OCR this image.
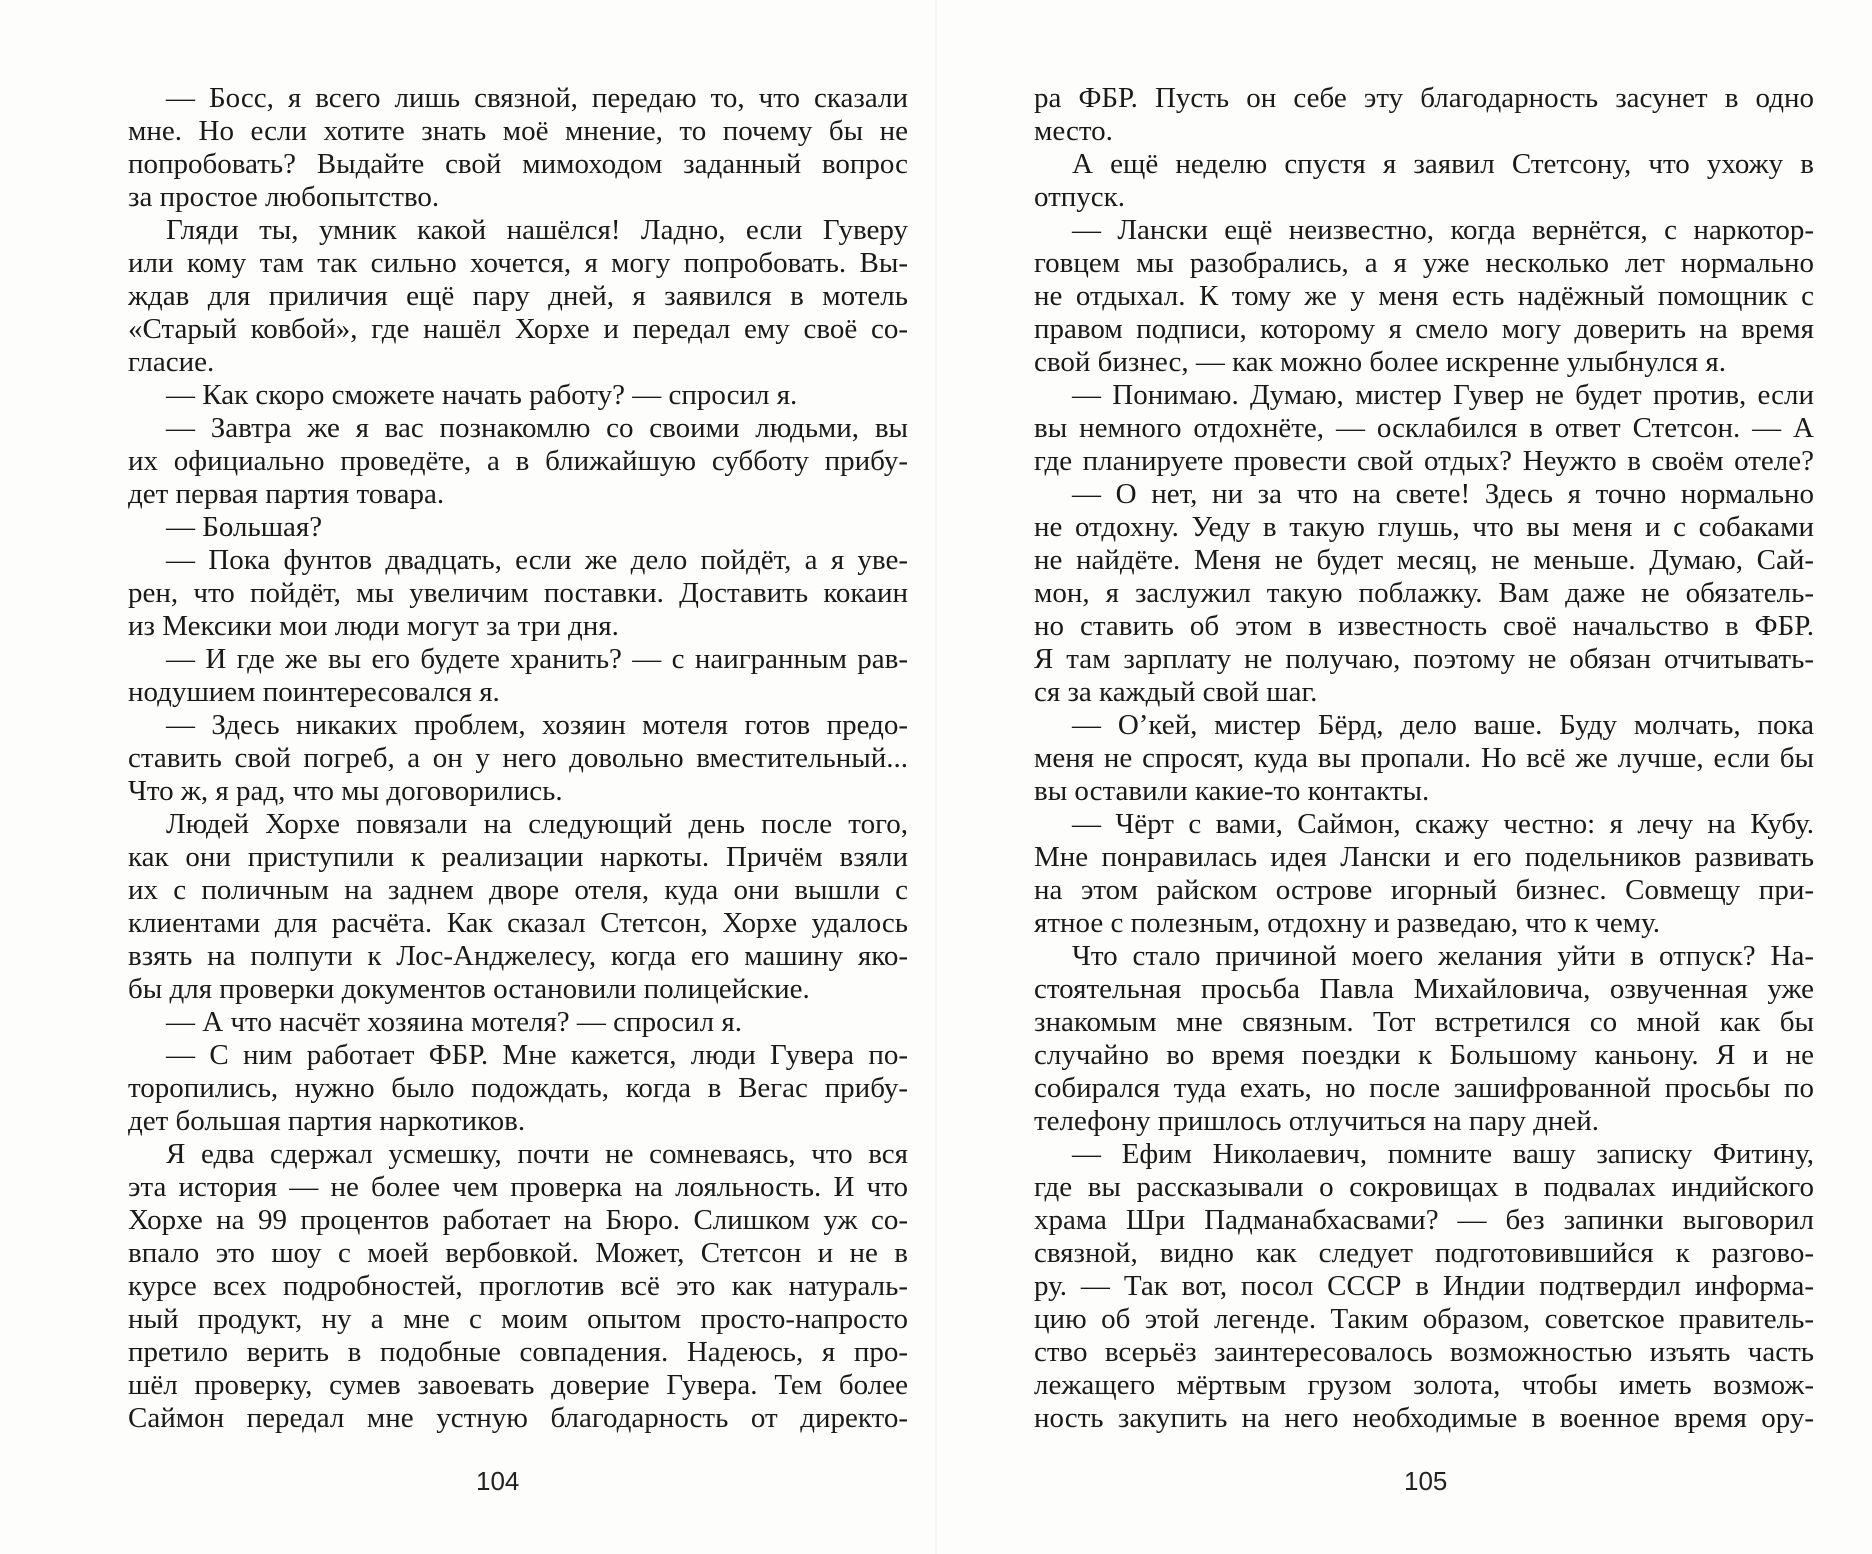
— Босс, я всего лишь связной, передаю то, что сказали
мне. Но если хотите знать моё мнение, то почему бы не
попробовать? Выдайте свой мимоходом заданный вопрос
за простое любопытство.
Гляди ты, умник какой нашёлся! Ладно, если Гуверу
или кому там так сильно хочется, я могу попробовать. Вы-
ждав для приличия ещё пару дней, я заявился в мотель
«Старый ковбой», где нашёл Хорхе и передал ему своё со-
гласие.
— Как скоро сможете начать работу? — спросил я.
— Завтра же я вас познакомлю со своими людьми, вы
их официально проведёте, а в ближайшую субботу прибу-
дет первая партия товара.
— Большая?
— Пока фунтов двадцать, если же дело пойдёт, а я уве-
рен, что пойдёт, мы увеличим поставки. Доставить кокаин
из Мексики мои люди могут за три дня.
— И где же вы его будете хранить? — с наигранным рав-
нодушием поинтересовался я.
— Здесь никаких проблем, хозяин мотеля готов предо-
ставить свой погреб, а он у него довольно вместительный...
Что ж, я рад, что мы договорились.
Людей Хорхе повязали на следующий день после того,
как они приступили к реализации наркоты. Причём взяли
их с поличным на заднем дворе отеля, куда они вышли с
клиентами для расчёта. Как сказал Стетсон, Хорхе удалось
взять на полпути к Лос-Анджелесу, когда его машину яко-
бы для проверки документов остановили полицейские.
— А что насчёт хозяина мотеля? — спросил я.
— С ним работает ФБР. Мне кажется, люди Гувера по-
торопились, нужно было подождать, когда в Вегас прибу-
дет большая партия наркотиков.
Я едва сдержал усмешку, почти не сомневаясь, что вся
эта история — не более чем проверка на лояльность. И что
Хорхе на 99 процентов работает на Бюро. Слишком уж со-
впало это шоу с моей вербовкой. Может, Стетсон и не в
курсе всех подробностей, проглотив всё это как натураль-
ный продукт, ну а мне с моим опытом просто-напросто
претило верить в подобные совпадения. Надеюсь, я про-
шёл проверку, сумев завоевать доверие Гувера. Тем более
Саймон передал мне устную благодарность от директо-
104
ра ФБР. Пусть он себе эту благодарность засунет в одно
место.
А ещё неделю спустя я заявил Стетсону, что ухожу в
отпуск.
— Лански ещё неизвестно, когда вернётся, с наркотор-
говцем мы разобрались, а я уже несколько лет нормально
не отдыхал. К тому же у меня есть надёжный помощник с
правом подписи, которому я смело могу доверить на время
свой бизнес, — как можно более искренне улыбнулся я.
— Понимаю. Думаю, мистер Гувер не будет против, если
вы немного отдохнёте, — осклабился в ответ Стетсон. — А
где планируете провести свой отдых? Неужто в своём отеле?
— О нет, ни за что на свете! Здесь я точно нормально
не отдохну. Уеду в такую глушь, что вы меня и с собаками
не найдёте. Меня не будет месяц, не меньше. Думаю, Сай-
мон, я заслужил такую поблажку. Вам даже не обязатель-
но ставить об этом в известность своё начальство в ФБР.
Я там зарплату не получаю, поэтому не обязан отчитывать-
ся за каждый свой шаг.
— О’кей, мистер Бёрд, дело ваше. Буду молчать, пока
меня не спросят, куда вы пропали. Но всё же лучше, если бы
вы оставили какие-то контакты.
— Чёрт с вами, Саймон, скажу честно: я лечу на Кубу.
Мне понравилась идея Лански и его подельников развивать
на этом райском острове игорный бизнес. Совмещу при-
ятное с полезным, отдохну и разведаю, что к чему.
Что стало причиной моего желания уйти в отпуск? На-
стоятельная просьба Павла Михайловича, озвученная уже
знакомым мне связным. Тот встретился со мной как бы
случайно во время поездки к Большому каньону. Я и не
собирался туда ехать, но после зашифрованной просьбы по
телефону пришлось отлучиться на пару дней.
— Ефим Николаевич, помните вашу записку Фитину,
где вы рассказывали о сокровищах в подвалах индийского
храма Шри Падманабхасвами? — без запинки выговорил
связной, видно как следует подготовившийся к разгово-
ру. — Так вот, посол СССР в Индии подтвердил информа-
цию об этой легенде. Таким образом, советское правитель-
ство всерьёз заинтересовалось возможностью изъять часть
лежащего мёртвым грузом золота, чтобы иметь возмож-
ность закупить на него необходимые в военное время ору-
105
